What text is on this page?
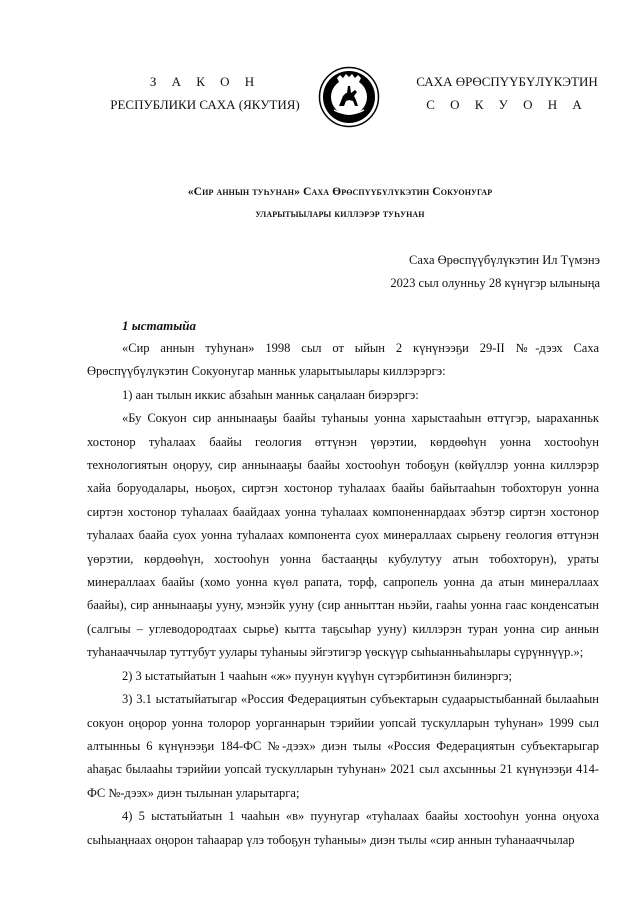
З А К О Н
РЕСПУБЛИКИ САХА (ЯКУТИЯ)
САХА ӨРӨСПҮҮБҮЛҮКЭТИН
С О К У О Н А
«Сир аннын туһунан» Саха Өрөспүүбүлүкэтин Сокуонугар
уларытыылары киллэрэр туһунан
Саха Өрөспүүбүлүкэтин Ил Түмэнэ
2023 сыл олунньу 28 күнүгэр ылыныңа
1 ыстатыйа

«Сир аннын туһунан» 1998 сыл от ыйын 2 күнүнээҕи 29-II №-дээх Саха Өрөспүүбүлүкэтин Сокуонугар манньк уларытыылары киллэрэргэ:

1) аан тылын иккис абзаһын манньк саңалаан биэрэргэ:

«Бу Сокуон сир аннынааҕы баайы туһаныы уонна харыстааһын өттүгэр, ыараханньк хостонор туһалаах баайы геология өттүнэн үөрэтии, көрдөөһүн уонна хостооһун технологиятын оңоруу, сир аннынааҕы баайы хостооһун тобоҕун (көйүллэр уонна киллэрэр хайа боруодалары, ньоҕох, сиртэн хостонор туһалаах баайы байытааһын тобохторун уонна сиртэн хостонор туһалаах баайдаах уонна туһалаах компоненнардаах эбэтэр сиртэн хостонор туһалаах баайа суох уонна туһалаах компонента суох минераллаах сырьену геология өттүнэн үөрэтии, көрдөөһүн, хостооһун уонна бастааңңы кубулутуу атын тобохторун), ураты минераллаах баайы (хомо уонна күөл рапата, торф, сапропель уонна да атын минераллаах баайы), сир аннынааҕы ууну, мэнэйк ууну (сир анныттан ньэйи, гааһы уонна гаас конденсатын (салгыы – углеводородтаах сырьe) кытта таҕсыһар ууну) киллэрэн туран уонна сир аннын туһанааччылар туттубут уулары туһаныы эйгэтигэр үөскүүр сыһыанньаһылары сүрүннүүр.»;

2) 3 ыстатыйатын 1 чааһын «ж» пуунун күүһүн сүтэрбитинэн билинэргэ;

3) 3.1 ыстатыйатыгар «Россия Федерациятын субъектарын судаарыстыбаннай былааһын сокуон оңорор уонна толорор уорганнарын тэрийии уопсай тускулларын туһунан» 1999 сыл алтынньы 6 күнүнээҕи 184-ФС №-дээх» диэн тылы «Россия Федерациятын субъектарыгар аһаҕас былааһы тэрийии уопсай тускулларын туһунан» 2021 сыл ахсынньы 21 күнүнээҕи 414-ФС №-дээх» диэн тылынан уларытарга;

4) 5 ыстатыйатын 1 чааһын «в» пуунугар «туһалаах баайы хостооһун уонна оңуоха сыһыаңнаах оңорон таһаарар үлэ тобоҕун туһаныы» диэн тылы «сир аннын туһанааччылар
